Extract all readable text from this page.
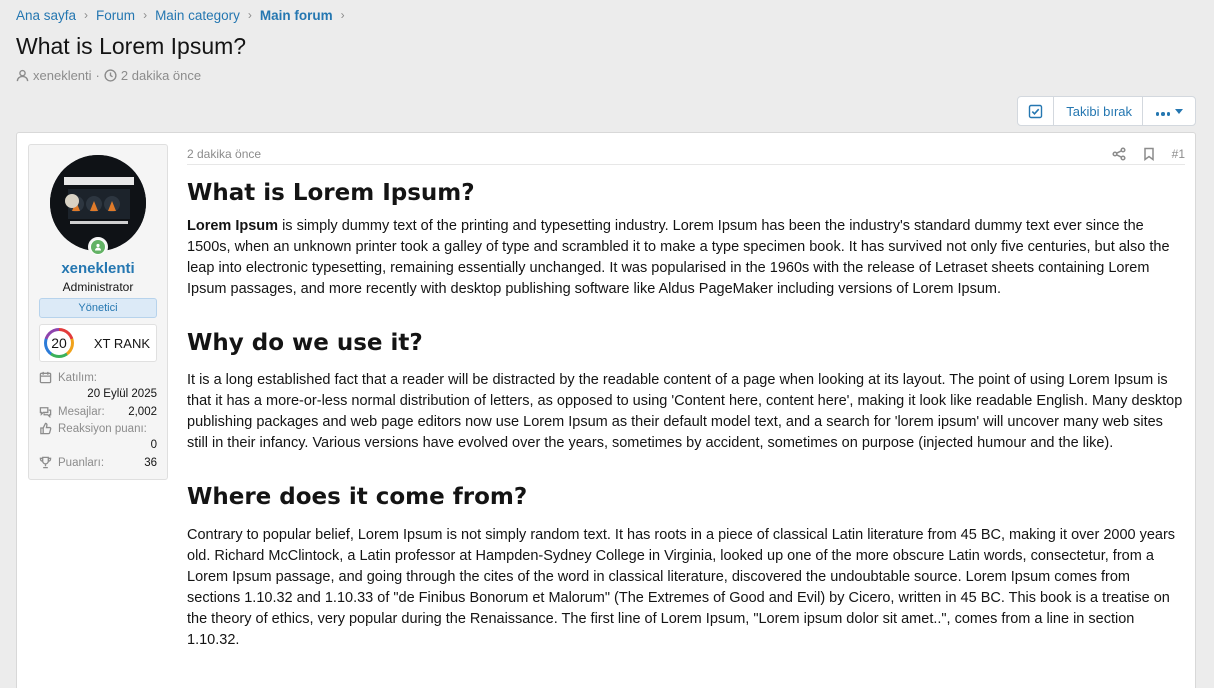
Ana sayfa › Forum › Main category › Main forum ›
What is Lorem Ipsum?
xeneklenti · 2 dakika önce
Takibi bırak
xeneklenti
Administrator
Yönetici
20	XT RANK
Katılım:
20 Eylül 2025
Mesajlar: 2,002
Reaksiyon puanı:
0
Puanları:	36
2 dakika önce	#1
What is Lorem Ipsum?

Lorem Ipsum is simply dummy text of the printing and typesetting industry. Lorem Ipsum has been the industry's standard dummy text ever since the 1500s, when an unknown printer took a galley of type and scrambled it to make a type specimen book. It has survived not only five centuries, but also the leap into electronic typesetting, remaining essentially unchanged. It was popularised in the 1960s with the release of Letraset sheets containing Lorem Ipsum passages, and more recently with desktop publishing software like Aldus PageMaker including versions of Lorem Ipsum.

Why do we use it?

It is a long established fact that a reader will be distracted by the readable content of a page when looking at its layout. The point of using Lorem Ipsum is that it has a more-or-less normal distribution of letters, as opposed to using 'Content here, content here', making it look like readable English. Many desktop publishing packages and web page editors now use Lorem Ipsum as their default model text, and a search for 'lorem ipsum' will uncover many web sites still in their infancy. Various versions have evolved over the years, sometimes by accident, sometimes on purpose (injected humour and the like).

Where does it come from?

Contrary to popular belief, Lorem Ipsum is not simply random text. It has roots in a piece of classical Latin literature from 45 BC, making it over 2000 years old. Richard McClintock, a Latin professor at Hampden-Sydney College in Virginia, looked up one of the more obscure Latin words, consectetur, from a Lorem Ipsum passage, and going through the cites of the word in classical literature, discovered the undoubtable source. Lorem Ipsum comes from sections 1.10.32 and 1.10.33 of "de Finibus Bonorum et Malorum" (The Extremes of Good and Evil) by Cicero, written in 45 BC. This book is a treatise on the theory of ethics, very popular during the Renaissance. The first line of Lorem Ipsum, "Lorem ipsum dolor sit amet..", comes from a line in section 1.10.32.
